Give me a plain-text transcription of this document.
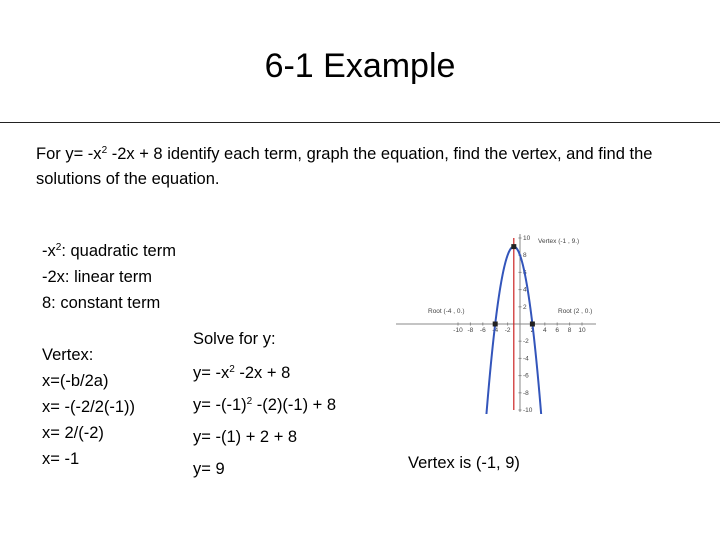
6-1 Example
For $y= -x^2$ -2x + 8 identify each term, graph the equation, find the vertex, and find the solutions of the equation.
$-x^2$: quadratic term
-2x: linear term
8: constant term
Vertex:
x=(-b/2a)
x= -(-2/2(-1))
x= 2/(-2)
x= -1
Solve for y:
$y= -x^2$ -2x + 8
$y= -(-1)^2$ -(2)(-1) + 8
y= -(1) + 2 + 8
y= 9
-10 -8 -6 -4 -2	2 4 6 8 10
10
8
6
4
2
-2
-4
-6
-8
-10
Vertex (-1 , 9.)
Root (-4 , 0.)	Root (2 , 0.)
Vertex is (-1, 9)
